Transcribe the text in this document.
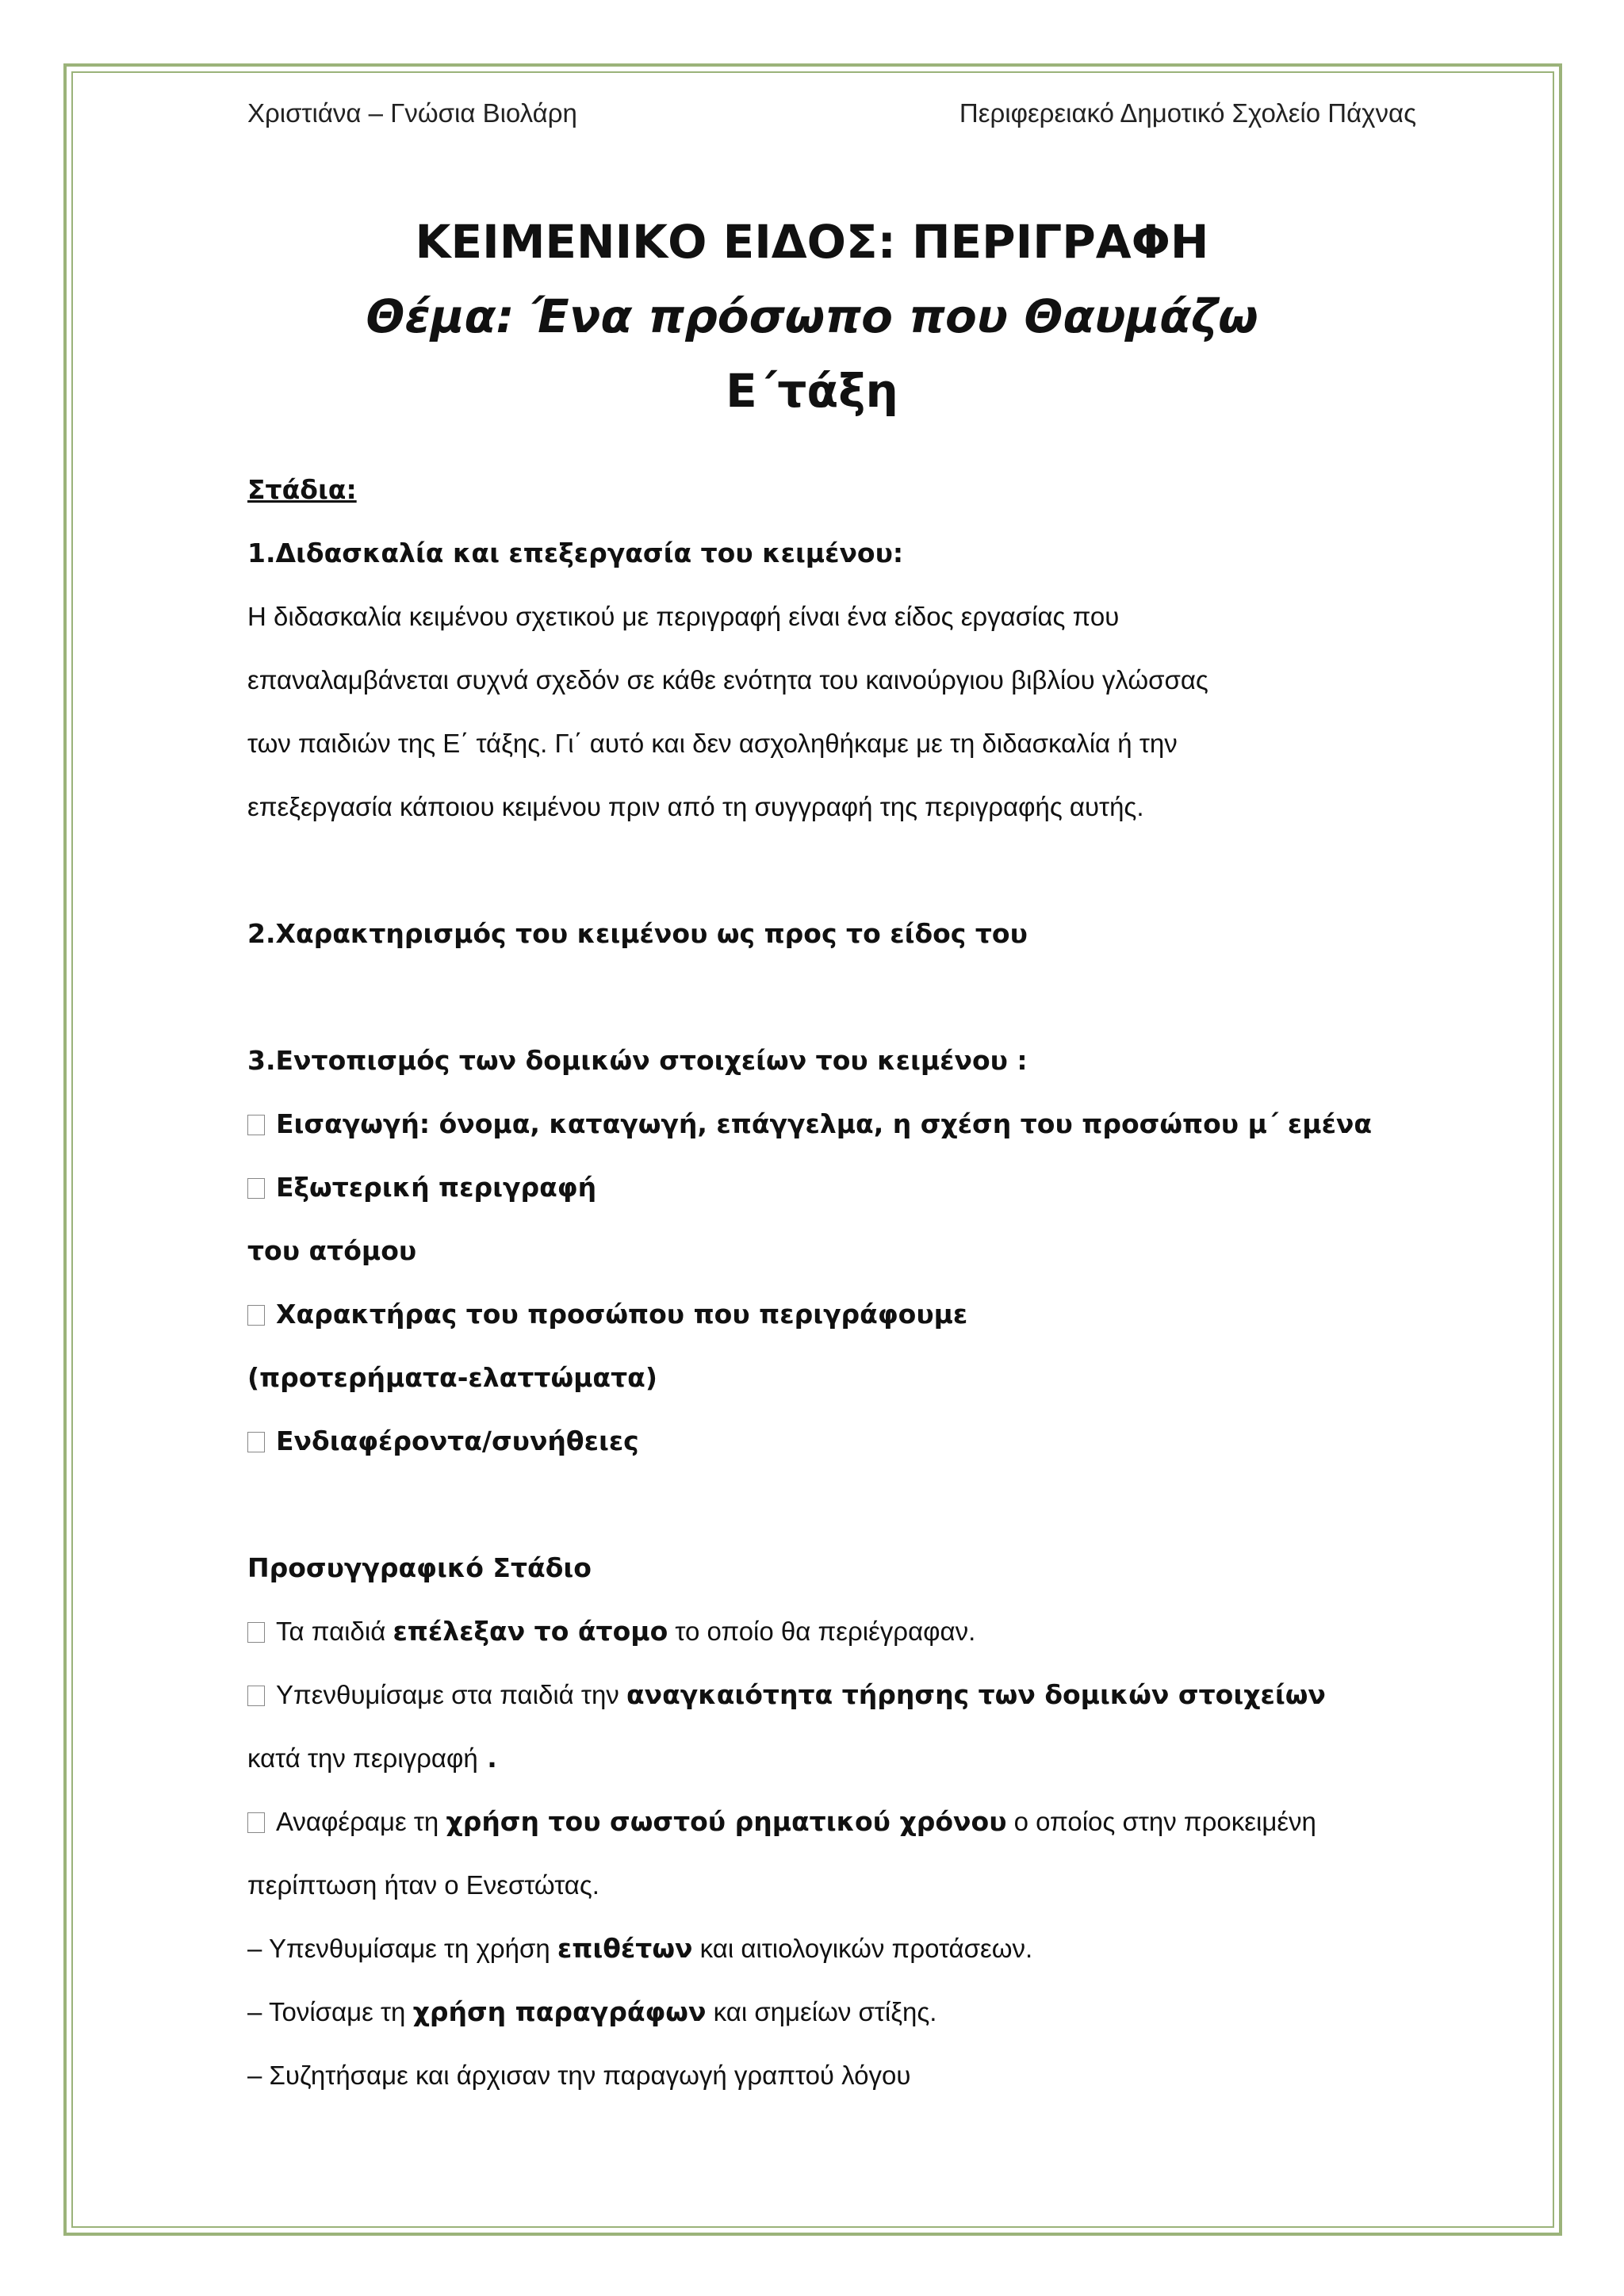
Χριστιάνα – Γνώσια Βιολάρη	Περιφερειακό Δημοτικό Σχολείο Πάχνας
ΚΕΙΜΕΝΙΚΟ ΕΙΔΟΣ: ΠΕΡΙΓΡΑΦΗ
Θέμα: Ένα πρόσωπο που Θαυμάζω
Ε΄τάξη
Στάδια:
1.Διδασκαλία και επεξεργασία του κειμένου:
Η διδασκαλία κειμένου σχετικού με περιγραφή είναι ένα είδος εργασίας που
επαναλαμβάνεται συχνά σχεδόν σε κάθε ενότητα του καινούργιου βιβλίου γλώσσας
των παιδιών της Ε΄ τάξης. Γι΄ αυτό και δεν ασχοληθήκαμε με τη διδασκαλία ή την
επεξεργασία κάποιου κειμένου πριν από τη συγγραφή της περιγραφής αυτής.
2.Χαρακτηρισμός του κειμένου ως προς το είδος του
3.Εντοπισμός των δομικών στοιχείων του κειμένου :
Εισαγωγή: όνομα, καταγωγή, επάγγελμα, η σχέση του προσώπου μ΄ εμένα
Εξωτερική περιγραφή
του ατόμου
Χαρακτήρας του προσώπου που περιγράφουμε
(προτερήματα-ελαττώματα)
Ενδιαφέροντα/συνήθειες
Προσυγγραφικό Στάδιο
Τα παιδιά επέλεξαν το άτομο το οποίο θα περιέγραφαν.
Υπενθυμίσαμε στα παιδιά την αναγκαιότητα τήρησης των δομικών στοιχείων
κατά την περιγραφή .
Αναφέραμε τη χρήση του σωστού ρηματικού χρόνου ο οποίος στην προκειμένη
περίπτωση ήταν ο Ενεστώτας.
– Υπενθυμίσαμε τη χρήση επιθέτων και αιτιολογικών προτάσεων.
– Τονίσαμε τη χρήση παραγράφων και σημείων στίξης.
– Συζητήσαμε και άρχισαν την παραγωγή γραπτού λόγου
